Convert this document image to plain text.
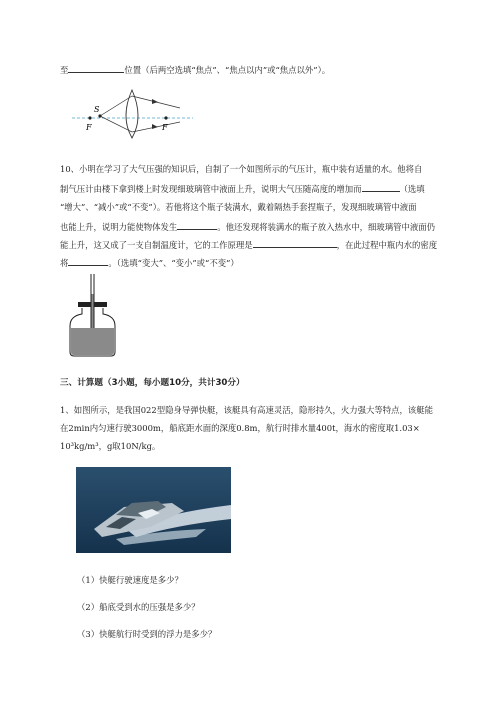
至	位置（后两空选填“焦点”、“焦点以内”或“焦点以外”）。
S
F	F
10、小明在学习了大气压强的知识后，自制了一个如图所示的气压计，瓶中装有适量的水。他将自
制气压计由楼下拿到楼上时发现细玻璃管中液面上升，说明大气压随高度的增加而	（选填
“增大”、“减小”或“不变”）。若他将这个瓶子装满水，戴着隔热手套捏瓶子，发现细玻璃管中液面
也能上升，说明力能使物体发生	。他还发现将装满水的瓶子放入热水中，细玻璃管中液面仍
能上升，这又成了一支自制温度计，它的工作原理是	，在此过程中瓶内水的密度
将	。（选填“变大”、“变小”或“不变”）
三、计算题（3小题，每小题10分，共计30分）
1、如图所示，是我国022型隐身导弹快艇，该艇具有高速灵活，隐形持久，火力强大等特点，该艇能
在2min内匀速行驶3000m，船底距水面的深度0.8m，航行时排水量400t，海水的密度取1.03×
10³kg/m³，g取10N/kg。
（1）快艇行驶速度是多少？
（2）船底受到水的压强是多少？
（3）快艇航行时受到的浮力是多少？
